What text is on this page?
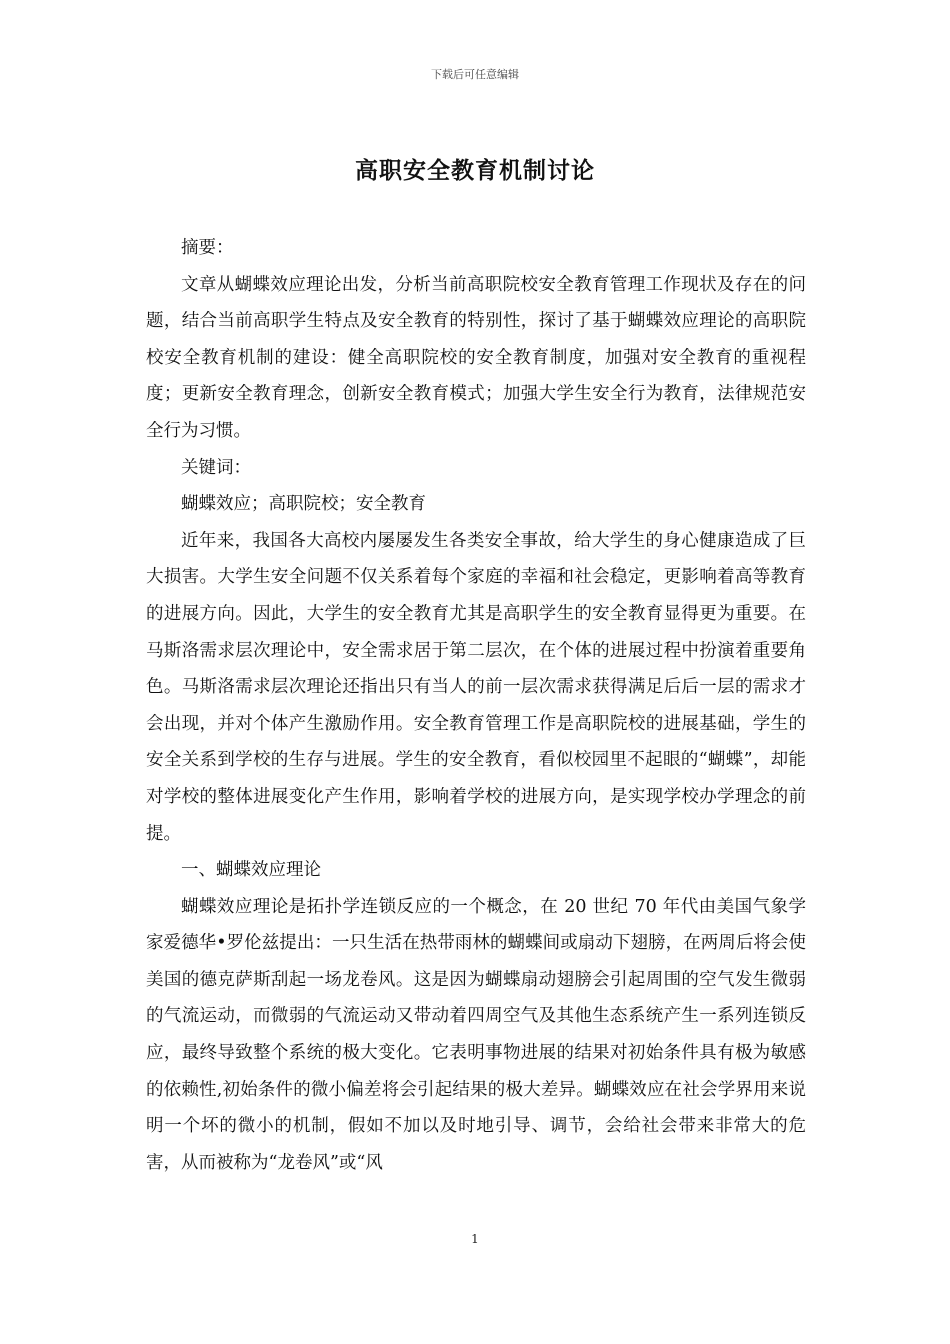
下载后可任意编辑
高职安全教育机制讨论

摘要：

文章从蝴蝶效应理论出发，分析当前高职院校安全教育管理工作现状及存在的问题，结合当前高职学生特点及安全教育的特别性，探讨了基于蝴蝶效应理论的高职院校安全教育机制的建设：健全高职院校的安全教育制度，加强对安全教育的重视程度；更新安全教育理念，创新安全教育模式；加强大学生安全行为教育，法律规范安全行为习惯。

关键词：

蝴蝶效应；高职院校；安全教育

近年来，我国各大高校内屡屡发生各类安全事故，给大学生的身心健康造成了巨大损害。大学生安全问题不仅关系着每个家庭的幸福和社会稳定，更影响着高等教育的进展方向。因此，大学生的安全教育尤其是高职学生的安全教育显得更为重要。在马斯洛需求层次理论中，安全需求居于第二层次，在个体的进展过程中扮演着重要角色。马斯洛需求层次理论还指出只有当人的前一层次需求获得满足后后一层的需求才会出现，并对个体产生激励作用。安全教育管理工作是高职院校的进展基础，学生的安全关系到学校的生存与进展。学生的安全教育，看似校园里不起眼的“蝴蝶”，却能对学校的整体进展变化产生作用，影响着学校的进展方向，是实现学校办学理念的前提。

一、蝴蝶效应理论

蝴蝶效应理论是拓扑学连锁反应的一个概念，在 20 世纪 70 年代由美国气象学家爱德华•罗伦兹提出：一只生活在热带雨林的蝴蝶间或扇动下翅膀，在两周后将会使美国的德克萨斯刮起一场龙卷风。这是因为蝴蝶扇动翅膀会引起周围的空气发生微弱的气流运动，而微弱的气流运动又带动着四周空气及其他生态系统产生一系列连锁反应，最终导致整个系统的极大变化。它表明事物进展的结果对初始条件具有极为敏感的依赖性,初始条件的微小偏差将会引起结果的极大差异。蝴蝶效应在社会学界用来说明一个坏的微小的机制，假如不加以及时地引导、调节，会给社会带来非常大的危害，从而被称为“龙卷风”或“风

1
